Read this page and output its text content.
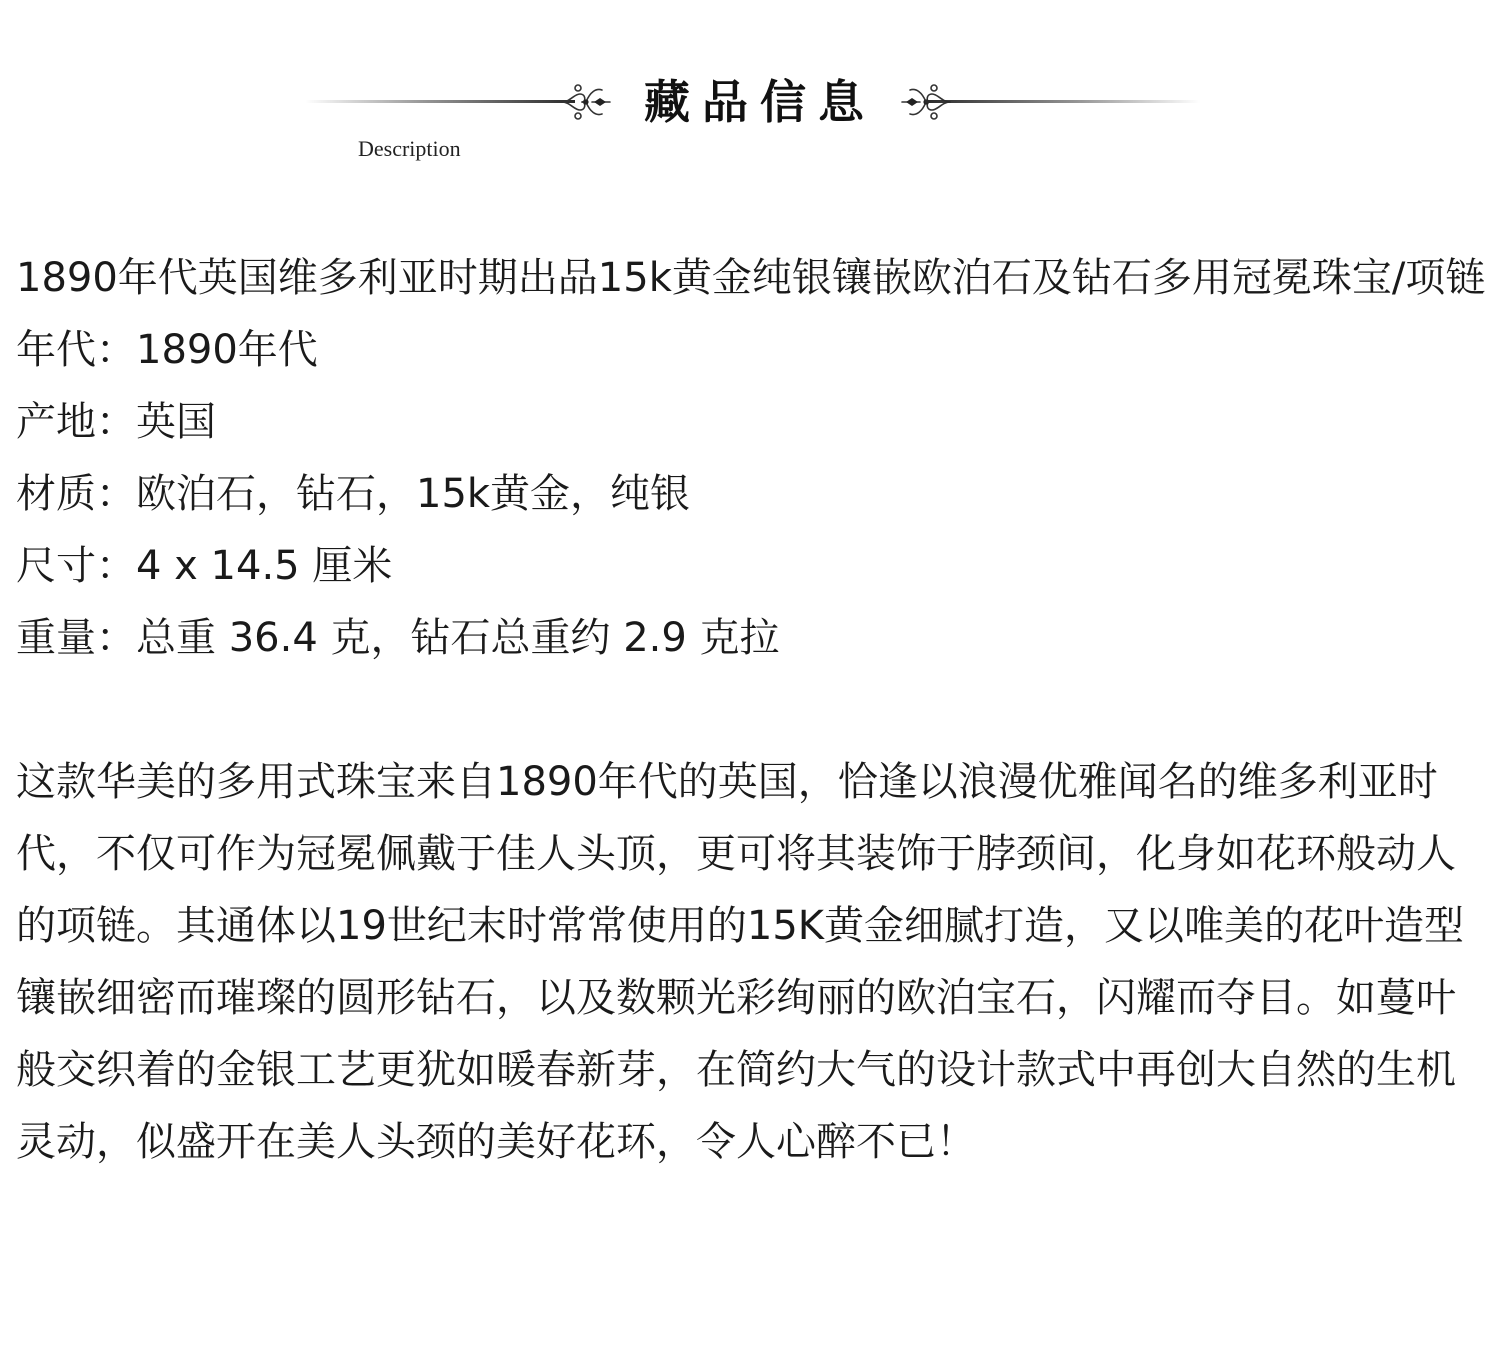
藏品信息
Description

1890年代英国维多利亚时期出品15k黄金纯银镶嵌欧泊石及钻石多用冠冕珠宝/项链

年代：1890年代

产地：英国

材质：欧泊石，钻石，15k黄金，纯银

尺寸：4 x 14.5 厘米

重量：总重 36.4 克，钻石总重约 2.9 克拉

这款华美的多用式珠宝来自1890年代的英国，恰逢以浪漫优雅闻名的维多利亚时代，不仅可作为冠冕佩戴于佳人头顶，更可将其装饰于脖颈间，化身如花环般动人的项链。其通体以19世纪末时常常使用的15K黄金细腻打造，又以唯美的花叶造型镶嵌细密而璀璨的圆形钻石，以及数颗光彩绚丽的欧泊宝石，闪耀而夺目。如蔓叶般交织着的金银工艺更犹如暖春新芽，在简约大气的设计款式中再创大自然的生机灵动，似盛开在美人头颈的美好花环，令人心醉不已！
